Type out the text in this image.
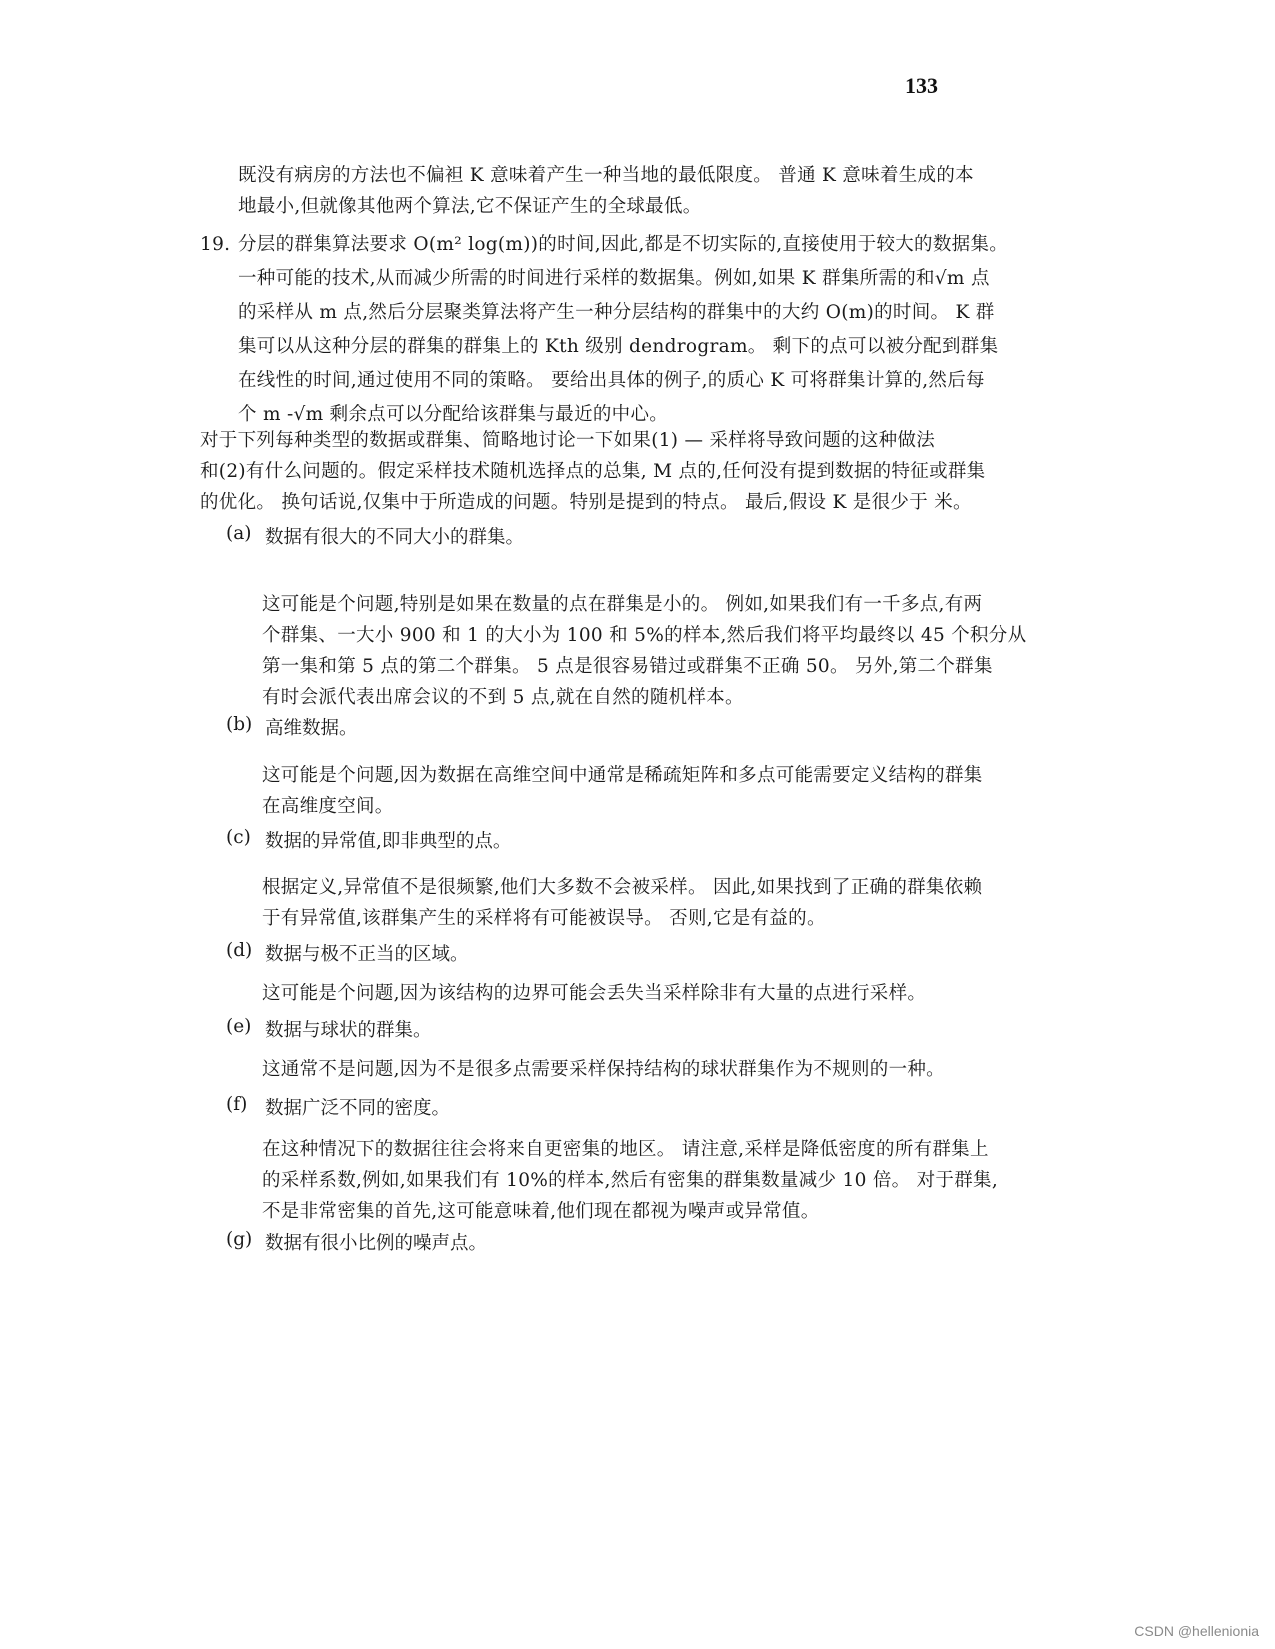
133
既没有病房的方法也不偏袒 K 意味着产生一种当地的最低限度。 普通 K 意味着生成的本
地最小,但就像其他两个算法,它不保证产生的全球最低。
19. 分层的群集算法要求 O(m² log(m))的时间,因此,都是不切实际的,直接使用于较大的数据集。
一种可能的技术,从而减少所需的时间进行采样的数据集。例如,如果 K 群集所需的和√m 点
的采样从 m 点,然后分层聚类算法将产生一种分层结构的群集中的大约 O(m)的时间。 K 群
集可以从这种分层的群集的群集上的 Kth 级别 dendrogram。 剩下的点可以被分配到群集
在线性的时间,通过使用不同的策略。 要给出具体的例子,的质心 K 可将群集计算的,然后每
个 m -√m 剩余点可以分配给该群集与最近的中心。
对于下列每种类型的数据或群集、简略地讨论一下如果(1) — 采样将导致问题的这种做法
和(2)有什么问题的。假定采样技术随机选择点的总集, M 点的,任何没有提到数据的特征或群集
的优化。 换句话说,仅集中于所造成的问题。特别是提到的特点。 最后,假设 K 是很少于 米。
(a) 数据有很大的不同大小的群集。
这可能是个问题,特别是如果在数量的点在群集是小的。 例如,如果我们有一千多点,有两
个群集、一大小 900 和 1 的大小为 100 和 5%的样本,然后我们将平均最终以 45 个积分从
第一集和第 5 点的第二个群集。 5 点是很容易错过或群集不正确 50。 另外,第二个群集
有时会派代表出席会议的不到 5 点,就在自然的随机样本。
(b) 高维数据。
这可能是个问题,因为数据在高维空间中通常是稀疏矩阵和多点可能需要定义结构的群集
在高维度空间。
(c) 数据的异常值,即非典型的点。
根据定义,异常值不是很频繁,他们大多数不会被采样。 因此,如果找到了正确的群集依赖
于有异常值,该群集产生的采样将有可能被误导。 否则,它是有益的。
(d) 数据与极不正当的区域。
这可能是个问题,因为该结构的边界可能会丢失当采样除非有大量的点进行采样。
(e) 数据与球状的群集。
这通常不是问题,因为不是很多点需要采样保持结构的球状群集作为不规则的一种。
(f) 数据广泛不同的密度。
在这种情况下的数据往往会将来自更密集的地区。 请注意,采样是降低密度的所有群集上
的采样系数,例如,如果我们有 10%的样本,然后有密集的群集数量减少 10 倍。 对于群集,
不是非常密集的首先,这可能意味着,他们现在都视为噪声或异常值。
(g) 数据有很小比例的噪声点。
CSDN @hellenionia
